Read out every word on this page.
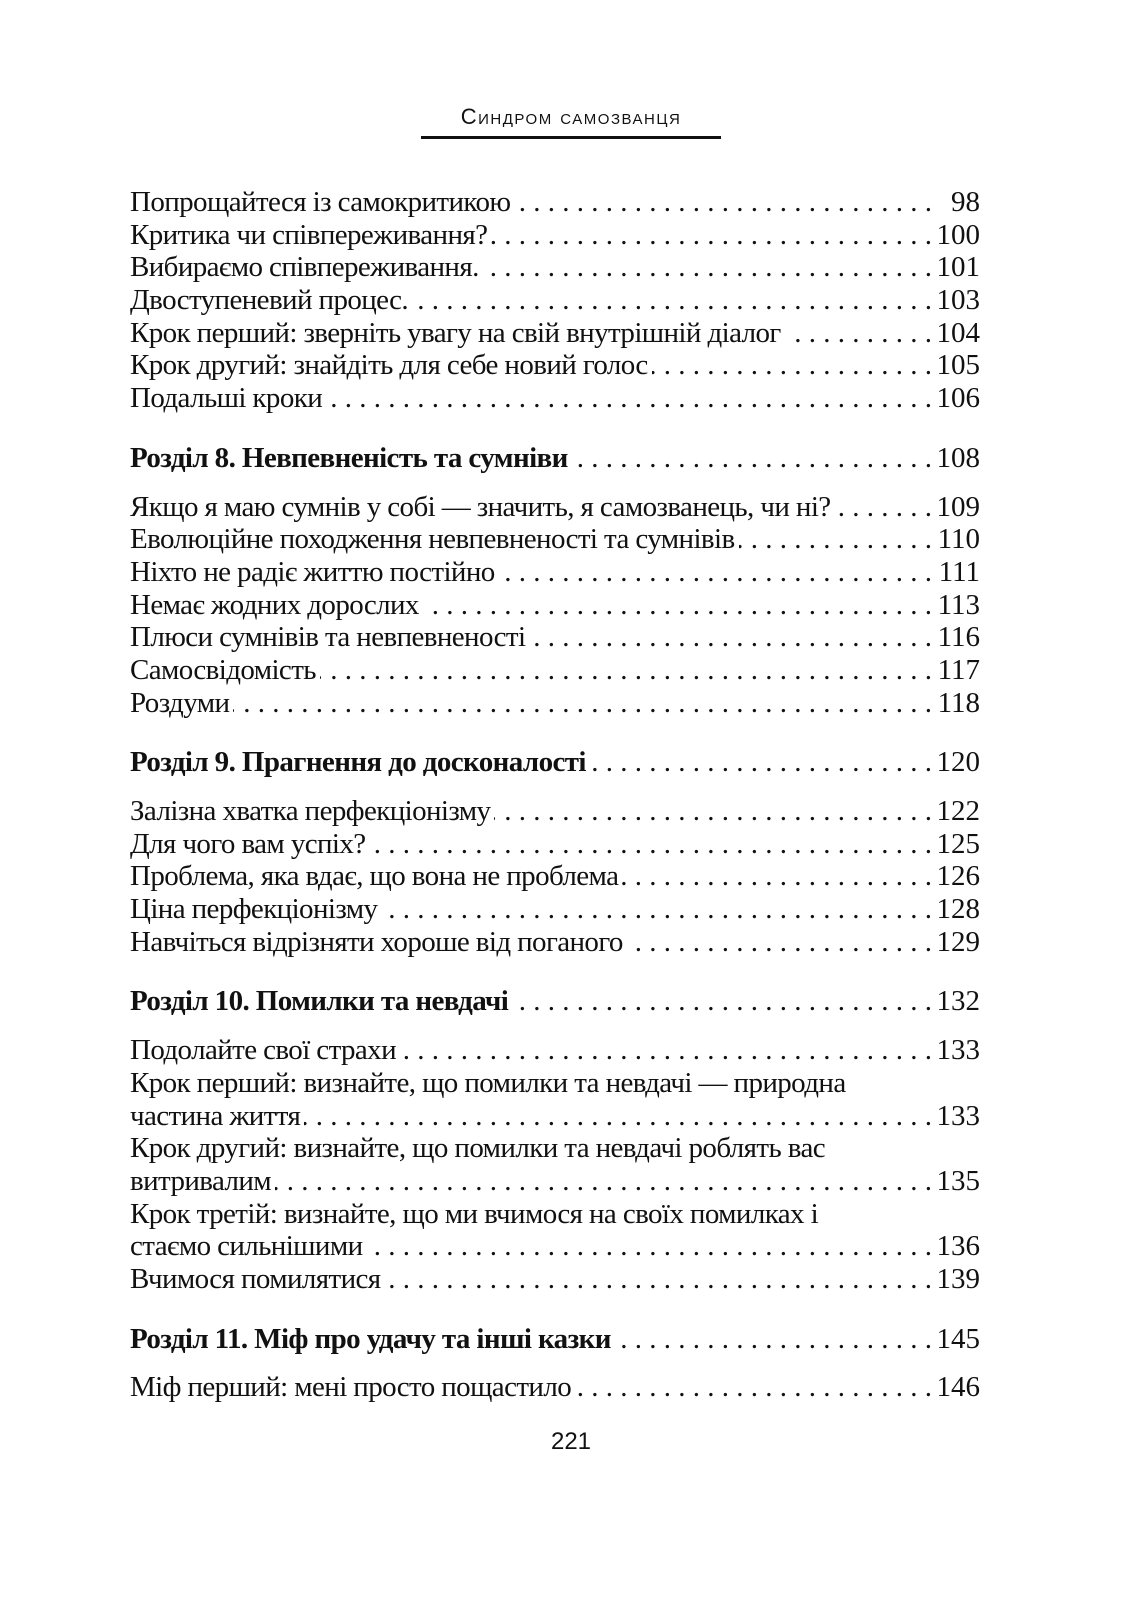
Синдром самозванця
Попрощайтеся із самокритикою . . .	98
Критика чи співпереживання? . . .	100
Вибираємо співпереживання. . . .	101
Двоступеневий процес. . . .	103
Крок перший: зверніть увагу на свій внутрішній діалог . . .	104
Крок другий: знайдіть для себе новий голос . . .	105
Подальші кроки . . .	106
Розділ 8. Невпевненість та сумніви . . .	108
Якщо я маю сумнів у собі — значить, я самозванець, чи ні? . . .	109
Еволюційне походження невпевненості та сумнівів . . .	110
Ніхто не радіє життю постійно . . .	111
Немає жодних дорослих . . .	113
Плюси сумнівів та невпевненості . . .	116
Самосвідомість . . .	117
Роздуми . . .	118
Розділ 9. Прагнення до досконалості . . .	120
Залізна хватка перфекціонізму . . .	122
Для чого вам успіх? . . .	125
Проблема, яка вдає, що вона не проблема . . .	126
Ціна перфекціонізму . . .	128
Навчіться відрізняти хороше від поганого . . .	129
Розділ 10. Помилки та невдачі . . .	132
Подолайте свої страхи . . .	133
Крок перший: визнайте, що помилки та невдачі — природна
частина життя . . .	133
Крок другий: визнайте, що помилки та невдачі роблять вас
витривалим . . .	135
Крок третій: визнайте, що ми вчимося на своїх помилках і
стаємо сильнішими . . .	136
Вчимося помилятися . . .	139
Розділ 11. Міф про удачу та інші казки . . .	145
Міф перший: мені просто пощастило . . .	146
221
